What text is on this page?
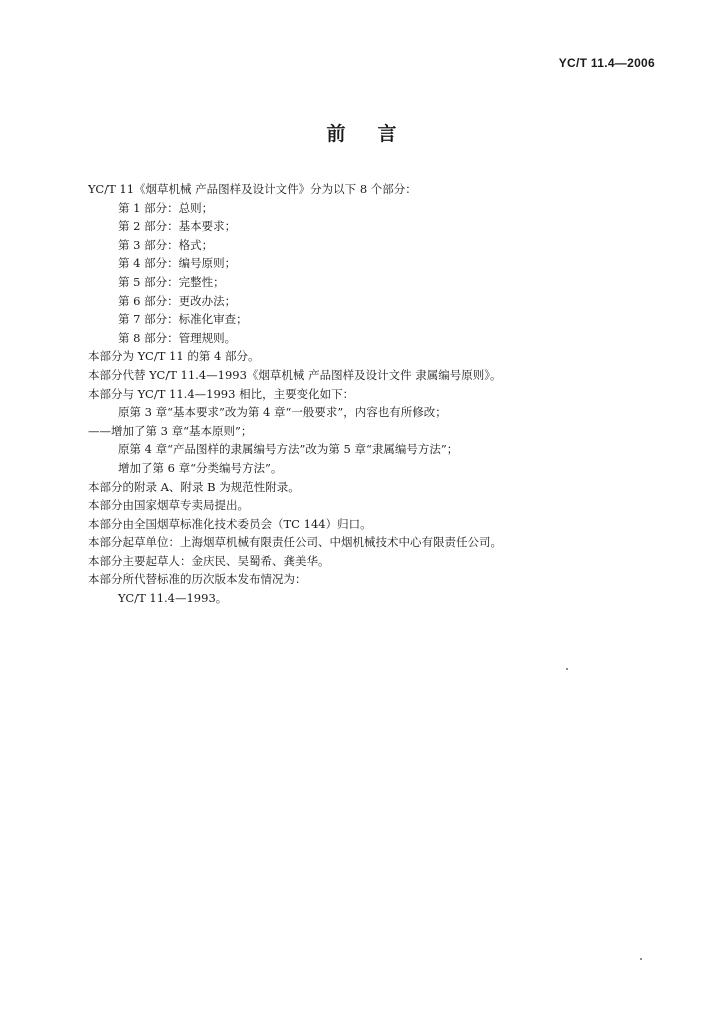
YC/T 11.4—2006
前言
YC/T 11《烟草机械 产品图样及设计文件》分为以下 8 个部分：
第 1 部分：总则；
第 2 部分：基本要求；
第 3 部分：格式；
第 4 部分：编号原则；
第 5 部分：完整性；
第 6 部分：更改办法；
第 7 部分：标准化审查；
第 8 部分：管理规则。
本部分为 YC/T 11 的第 4 部分。
本部分代替 YC/T 11.4—1993《烟草机械 产品图样及设计文件 隶属编号原则》。
本部分与 YC/T 11.4—1993 相比，主要变化如下：
原第 3 章“基本要求”改为第 4 章“一般要求”，内容也有所修改；
——增加了第 3 章“基本原则”；
原第 4 章“产品图样的隶属编号方法”改为第 5 章“隶属编号方法”；
增加了第 6 章“分类编号方法”。
本部分的附录 A、附录 B 为规范性附录。
本部分由国家烟草专卖局提出。
本部分由全国烟草标准化技术委员会（TC 144）归口。
本部分起草单位：上海烟草机械有限责任公司、中烟机械技术中心有限责任公司。
本部分主要起草人：金庆民、吴蜀希、龚美华。
本部分所代替标准的历次版本发布情况为：
YC/T 11.4—1993。
